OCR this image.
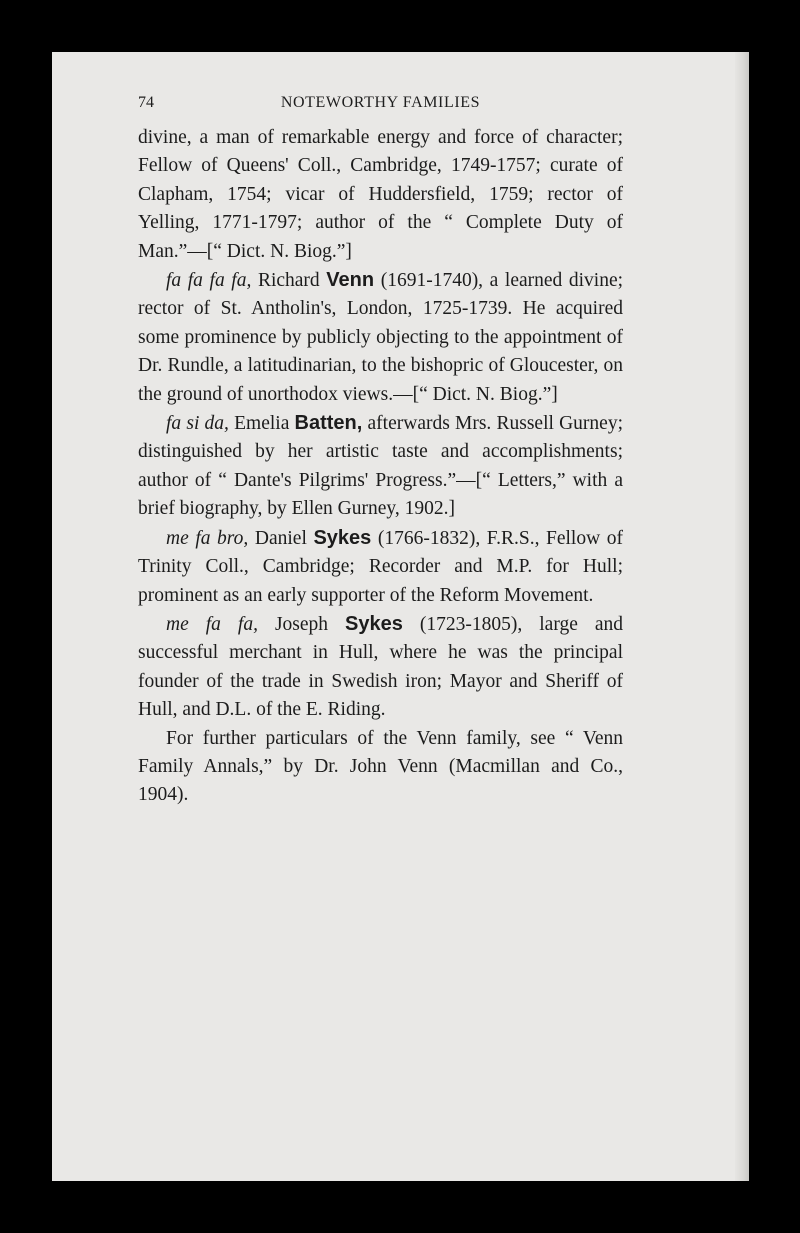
74	NOTEWORTHY FAMILIES

divine, a man of remarkable energy and force of character; Fellow of Queens' Coll., Cambridge, 1749-1757; curate of Clapham, 1754; vicar of Huddersfield, 1759; rector of Yelling, 1771-1797; author of the “ Complete Duty of Man.”—[“ Dict. N. Biog.”]

fa fa fa fa, Richard Venn (1691-1740), a learned divine; rector of St. Antholin's, London, 1725-1739. He acquired some prominence by publicly objecting to the appointment of Dr. Rundle, a latitudinarian, to the bishopric of Gloucester, on the ground of unorthodox views.—[“ Dict. N. Biog.”]

fa si da, Emelia Batten, afterwards Mrs. Russell Gurney; distinguished by her artistic taste and accomplishments; author of “ Dante's Pilgrims' Progress.”—[“ Letters,” with a brief biography, by Ellen Gurney, 1902.]

me fa bro, Daniel Sykes (1766-1832), F.R.S., Fellow of Trinity Coll., Cambridge; Recorder and M.P. for Hull; prominent as an early supporter of the Reform Movement.

me fa fa, Joseph Sykes (1723-1805), large and successful merchant in Hull, where he was the principal founder of the trade in Swedish iron; Mayor and Sheriff of Hull, and D.L. of the E. Riding.

For further particulars of the Venn family, see “ Venn Family Annals,” by Dr. John Venn (Macmillan and Co., 1904).
